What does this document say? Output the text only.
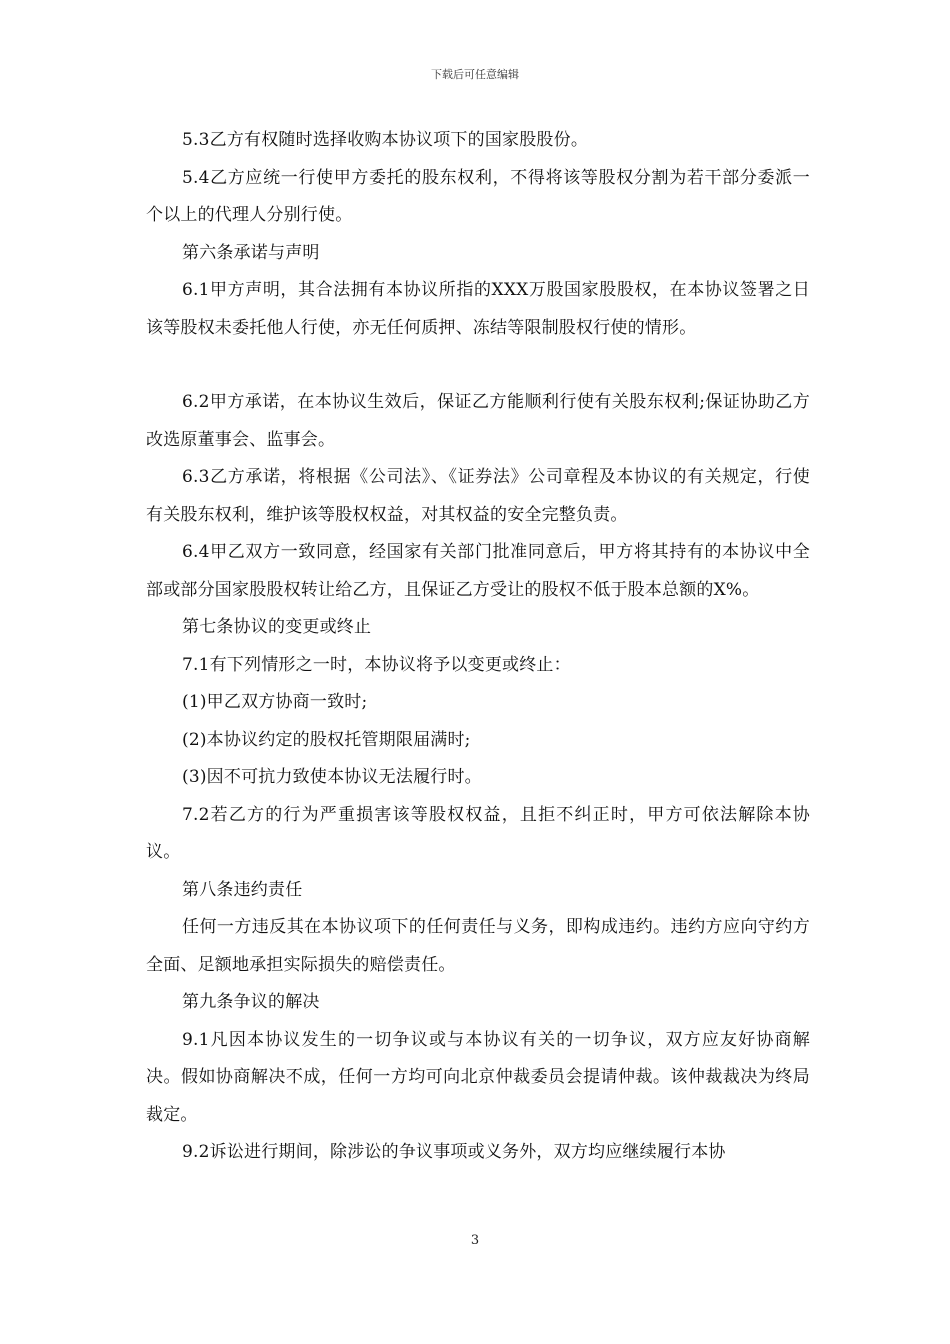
下载后可任意编辑

5.3乙方有权随时选择收购本协议项下的国家股股份。

5.4乙方应统一行使甲方委托的股东权利，不得将该等股权分割为若干部分委派一个以上的代理人分别行使。

第六条承诺与声明

6.1甲方声明，其合法拥有本协议所指的XXX万股国家股股权，在本协议签署之日该等股权未委托他人行使，亦无任何质押、冻结等限制股权行使的情形。

6.2甲方承诺，在本协议生效后，保证乙方能顺利行使有关股东权利;保证协助乙方改选原董事会、监事会。

6.3乙方承诺，将根据《公司法》、《证券法》公司章程及本协议的有关规定，行使有关股东权利，维护该等股权权益，对其权益的安全完整负责。

6.4甲乙双方一致同意，经国家有关部门批准同意后，甲方将其持有的本协议中全部或部分国家股股权转让给乙方，且保证乙方受让的股权不低于股本总额的X%。

第七条协议的变更或终止

7.1有下列情形之一时，本协议将予以变更或终止：

(1)甲乙双方协商一致时;

(2)本协议约定的股权托管期限届满时;

(3)因不可抗力致使本协议无法履行时。

7.2若乙方的行为严重损害该等股权权益，且拒不纠正时，甲方可依法解除本协议。

第八条违约责任

任何一方违反其在本协议项下的任何责任与义务，即构成违约。违约方应向守约方全面、足额地承担实际损失的赔偿责任。

第九条争议的解决

9.1凡因本协议发生的一切争议或与本协议有关的一切争议，双方应友好协商解决。假如协商解决不成，任何一方均可向北京仲裁委员会提请仲裁。该仲裁裁决为终局裁定。

9.2诉讼进行期间，除涉讼的争议事项或义务外，双方均应继续履行本协

3
